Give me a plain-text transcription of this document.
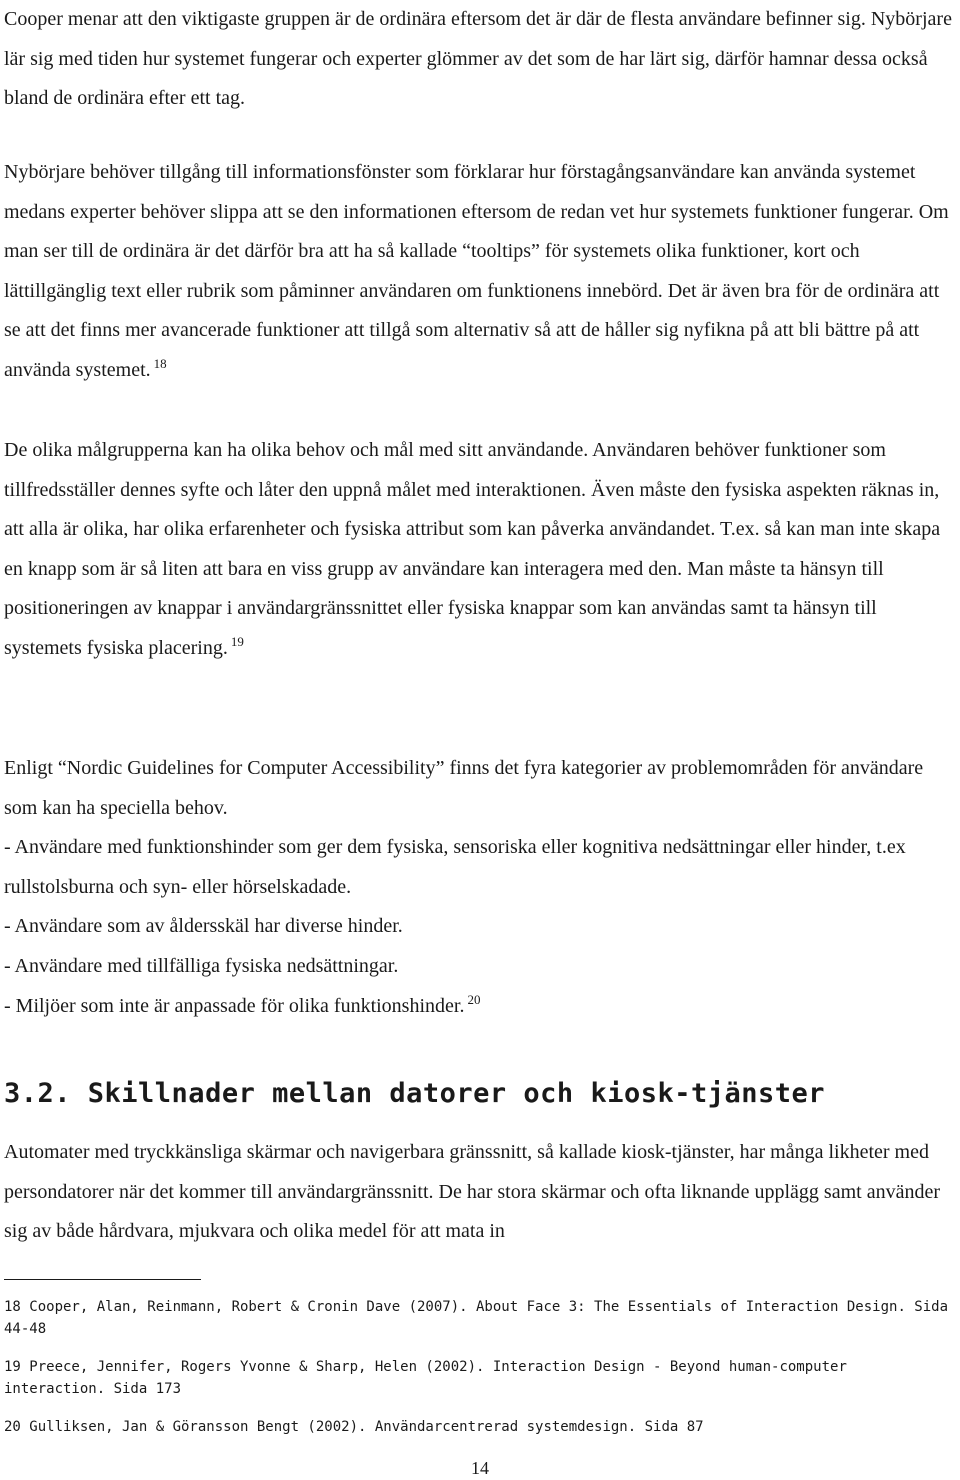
Cooper menar att den viktigaste gruppen är de ordinära eftersom det är där de flesta användare befinner sig. Nybörjare lär sig med tiden hur systemet fungerar och experter glömmer av det som de har lärt sig, därför hamnar dessa också bland de ordinära efter ett tag.

Nybörjare behöver tillgång till informationsfönster som förklarar hur förstagångsanvändare kan använda systemet medans experter behöver slippa att se den informationen eftersom de redan vet hur systemets funktioner fungerar. Om man ser till de ordinära är det därför bra att ha så kallade “tooltips” för systemets olika funktioner, kort och lättillgänglig text eller rubrik som påminner användaren om funktionens innebörd. Det är även bra för de ordinära att se att det finns mer avancerade funktioner att tillgå som alternativ så att de håller sig nyfikna på att bli bättre på att använda systemet. $^{18}$

De olika målgrupperna kan ha olika behov och mål med sitt användande. Användaren behöver funktioner som tillfredsställer dennes syfte och låter den uppnå målet med interaktionen. Även måste den fysiska aspekten räknas in, att alla är olika, har olika erfarenheter och fysiska attribut som kan påverka användandet. T.ex. så kan man inte skapa en knapp som är så liten att bara en viss grupp av användare kan interagera med den. Man måste ta hänsyn till positioneringen av knappar i användargränssnittet eller fysiska knappar som kan användas samt ta hänsyn till systemets fysiska placering. $^{19}$

Enligt “Nordic Guidelines for Computer Accessibility” finns det fyra kategorier av problemområden för användare som kan ha speciella behov.
- Användare med funktionshinder som ger dem fysiska, sensoriska eller kognitiva nedsättningar eller hinder, t.ex rullstolsburna och syn- eller hörselskadade.
- Användare som av åldersskäl har diverse hinder.
- Användare med tillfälliga fysiska nedsättningar.
- Miljöer som inte är anpassade för olika funktionshinder. $^{20}$
3.2. Skillnader mellan datorer och kiosk-tjänster

Automater med tryckkänsliga skärmar och navigerbara gränssnitt, så kallade kiosk-tjänster, har många likheter med persondatorer när det kommer till användargränssnitt. De har stora skärmar och ofta liknande upplägg samt använder sig av både hårdvara, mjukvara och olika medel för att mata in

18 Cooper, Alan, Reinmann, Robert & Cronin Dave (2007). About Face 3: The Essentials of Interaction Design. Sida 44-48

19 Preece, Jennifer, Rogers Yvonne & Sharp, Helen (2002). Interaction Design - Beyond human-computer interaction. Sida 173

20 Gulliksen, Jan & Göransson Bengt (2002). Användarcentrerad systemdesign. Sida 87

14
